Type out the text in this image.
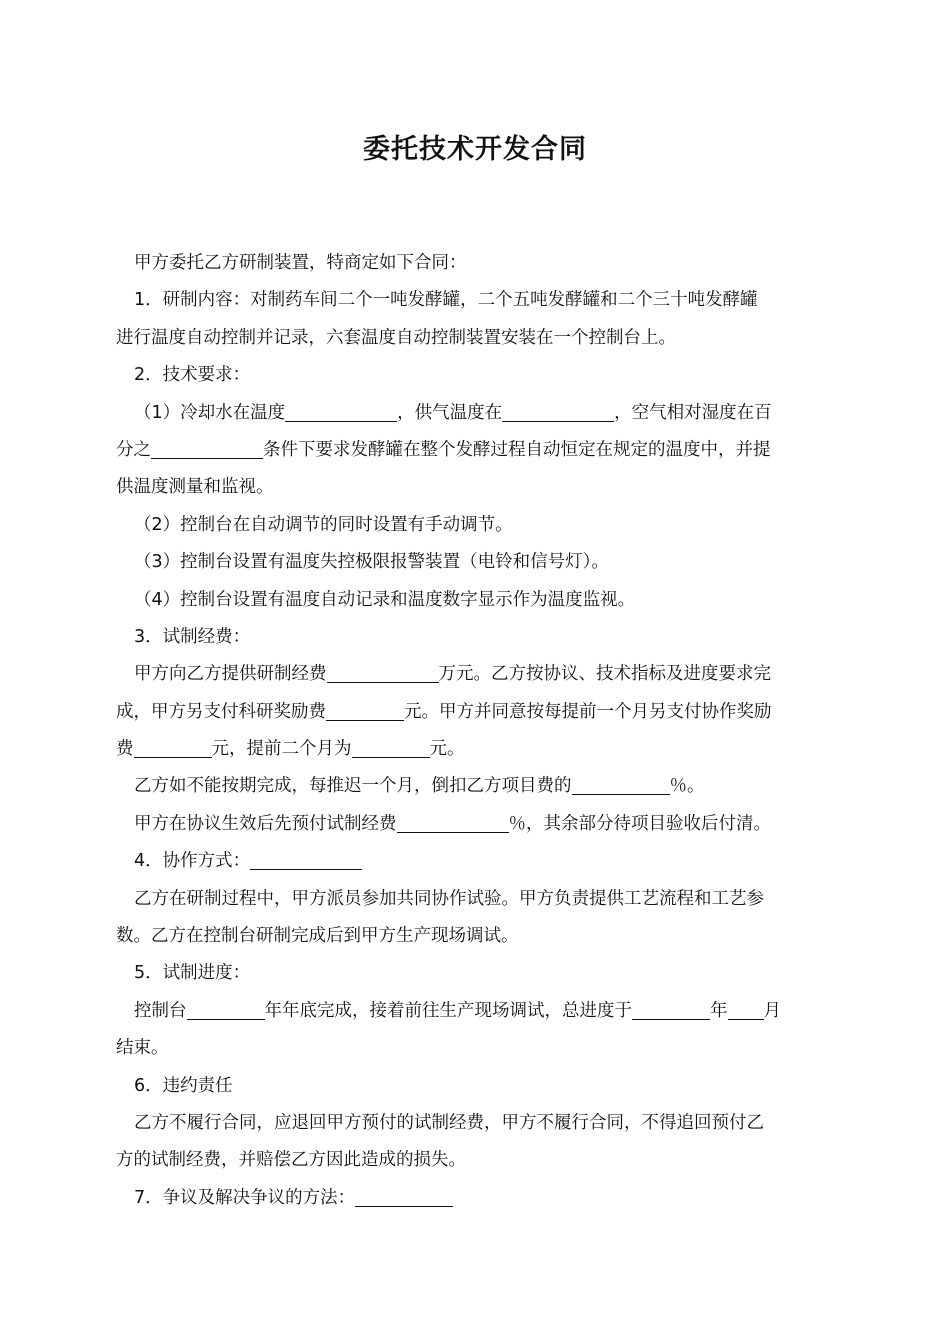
委托技术开发合同
甲方委托乙方研制装置，特商定如下合同：
1．研制内容：对制药车间二个一吨发酵罐，二个五吨发酵罐和二个三十吨发酵罐
进行温度自动控制并记录，六套温度自动控制装置安装在一个控制台上。
2．技术要求：
（1）冷却水在温度	，供气温度在	，空气相对湿度在百
分之	条件下要求发酵罐在整个发酵过程自动恒定在规定的温度中，并提
供温度测量和监视。
（2）控制台在自动调节的同时设置有手动调节。
（3）控制台设置有温度失控极限报警装置（电铃和信号灯）。
（4）控制台设置有温度自动记录和温度数字显示作为温度监视。
3．试制经费：
甲方向乙方提供研制经费	万元。乙方按协议、技术指标及进度要求完
成，甲方另支付科研奖励费	元。甲方并同意按每提前一个月另支付协作奖励
费	元，提前二个月为	元。
乙方如不能按期完成，每推迟一个月，倒扣乙方项目费的	％。
甲方在协议生效后先预付试制经费	％，其余部分待项目验收后付清。
4．协作方式：
乙方在研制过程中，甲方派员参加共同协作试验。甲方负责提供工艺流程和工艺参
数。乙方在控制台研制完成后到甲方生产现场调试。
5．试制进度：
控制台	年年底完成，接着前往生产现场调试，总进度于	年 月
结束。
6．违约责任
乙方不履行合同，应退回甲方预付的试制经费，甲方不履行合同，不得追回预付乙
方的试制经费，并赔偿乙方因此造成的损失。
7．争议及解决争议的方法：
